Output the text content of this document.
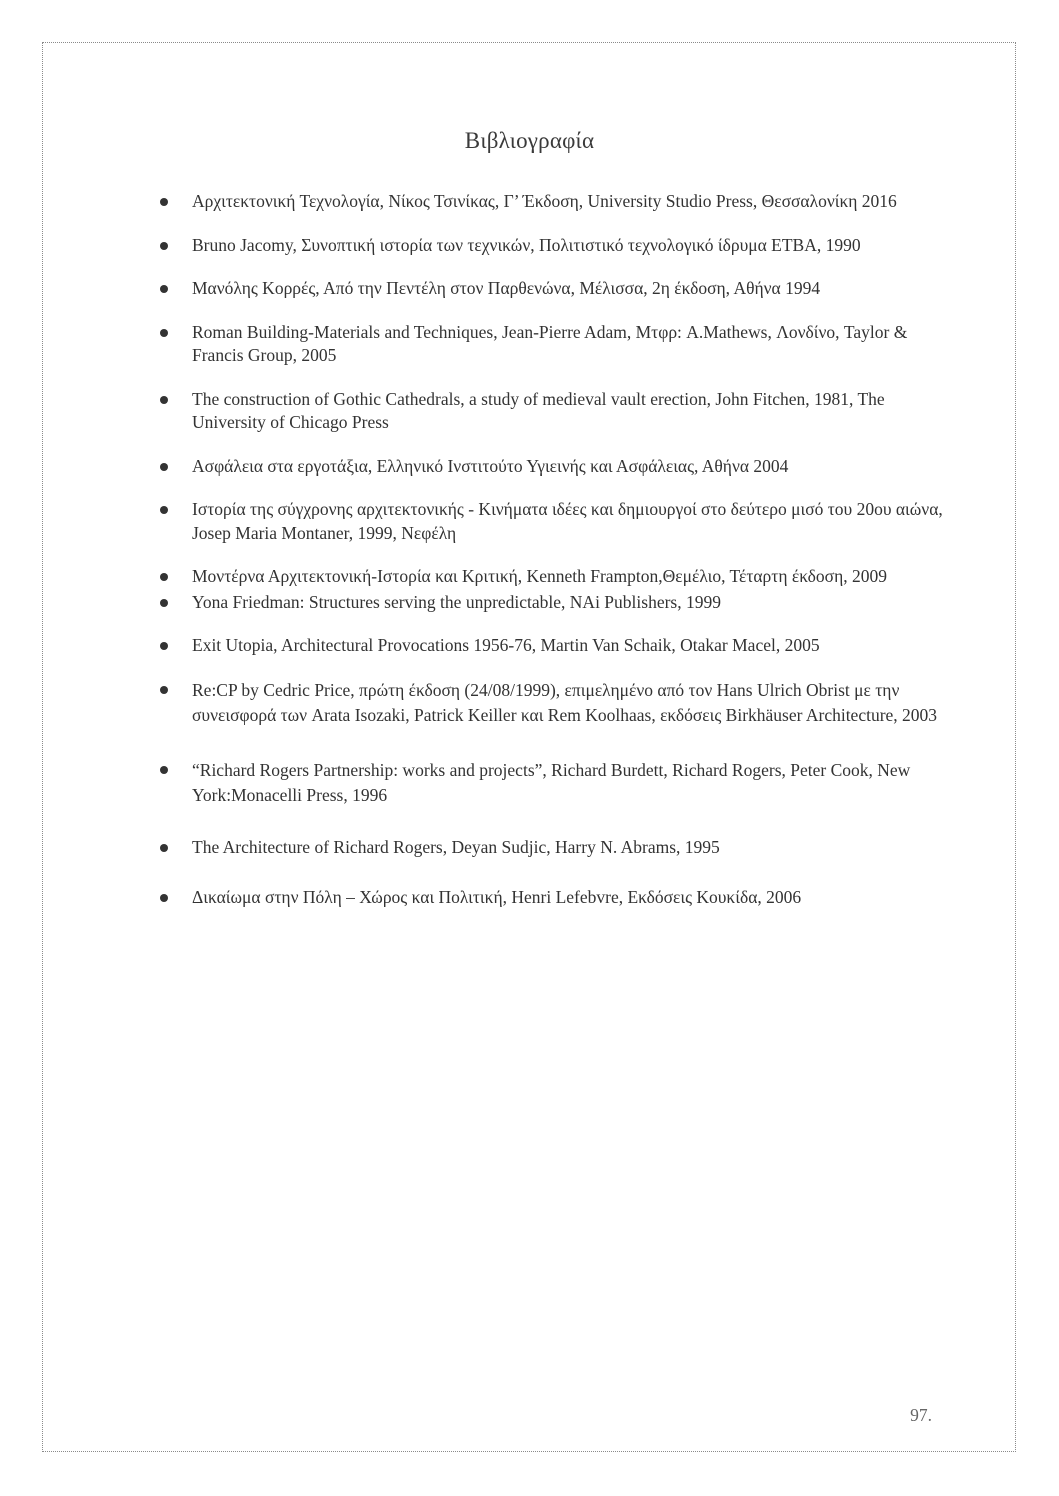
Βιβλιογραφία
Αρχιτεκτονική Τεχνολογία, Νίκος Τσινίκας, Γ’ Έκδοση, University Studio Press, Θεσσαλονίκη 2016
Bruno Jacomy, Συνοπτική ιστορία των τεχνικών, Πολιτιστικό τεχνολογικό ίδρυμα ΕΤΒΑ, 1990
Μανόλης Κορρές, Από την Πεντέλη στον Παρθενώνα, Μέλισσα, 2η έκδοση, Αθήνα 1994
Roman Building-Materials and Techniques, Jean-Pierre Adam, Μτφρ: A.Mathews, Λονδίνο, Taylor & Francis Group, 2005
The construction of Gothic Cathedrals, a study of medieval vault erection, John Fitchen, 1981, The University of Chicago Press
Ασφάλεια στα εργοτάξια, Ελληνικό Ινστιτούτο Υγιεινής και Ασφάλειας, Αθήνα 2004
Ιστορία της σύγχρονης αρχιτεκτονικής - Κινήματα ιδέες και δημιουργοί στο δεύτερο μισό του 20ου αιώνα, Josep Maria Montaner, 1999, Νεφέλη
Μοντέρνα Αρχιτεκτονική-Ιστορία και Κριτική, Kenneth Frampton,Θεμέλιο, Τέταρτη έκδοση, 2009
Yona Friedman: Structures serving the unpredictable, NAi Publishers, 1999
Exit Utopia, Architectural Provocations 1956-76, Martin Van Schaik, Otakar Macel, 2005
Re:CP by Cedric Price, πρώτη έκδοση (24/08/1999), επιμελημένο από τον Hans Ulrich Obrist με την συνεισφορά των Arata Isozaki, Patrick Keiller και Rem Koolhaas, εκδόσεις Birkhäuser Architecture, 2003
“Richard Rogers Partnership: works and projects”, Richard Burdett, Richard Rogers, Peter Cook, New York:Monacelli Press, 1996
The Architecture of Richard Rogers, Deyan Sudjic, Harry N. Abrams, 1995
Δικαίωμα στην Πόλη – Χώρος και Πολιτική, Henri Lefebvre, Εκδόσεις Κουκίδα, 2006
97.
